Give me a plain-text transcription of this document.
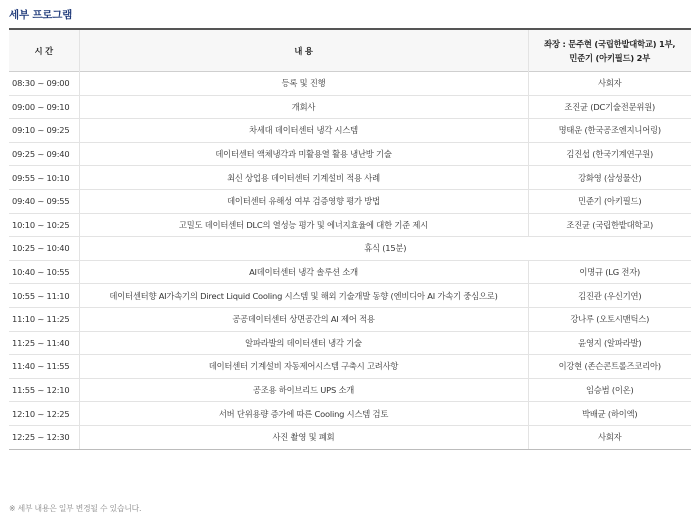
세부 프로그램
시 간	내 용	좌장 : 문주현 (국립한밭대학교) 1부,
민준기 (아키필드) 2부
08:30 ~ 09:00	등록 및 진행	사회자
09:00 ~ 09:10	개회사	조진균 (DC기술전문위원)
09:10 ~ 09:25	차세대 데이터센터 냉각 시스템	명태운 (한국공조엔지니어링)
09:25 ~ 09:40	데이터센터 액체냉각과 미활용열 활용 냉난방 기술	김진섭 (한국기계연구원)
09:55 ~ 10:10	최신 상업용 데이터센터 기계설비 적용 사례	강화영 (삼성물산)
09:40 ~ 09:55	데이터센터 유해성 여부 검증영향 평가 방법	민준기 (아키필드)
10:10 ~ 10:25	고밀도 데이터센터 DLC의 열성능 평가 및 에너지효율에 대한 기준 제시	조진균 (국립한밭대학교)
10:25 ~ 10:40	휴식 (15분)	
10:40 ~ 10:55	AI데이터센터 냉각 솔루션 소개	이명규 (LG 전자)
10:55 ~ 11:10	데이터센터향 AI가속기의 Direct Liquid Cooling 시스템 및 해외 기술개발 동향 (엔비디아 AI 가속기 중심으로)	김진관 (우신기연)
11:10 ~ 11:25	공공데이터센터 상면공간의 AI 제어 적용	강나루 (오토시맨틱스)
11:25 ~ 11:40	알파라발의 데이터센터 냉각 기술	윤영지 (알파라발)
11:40 ~ 11:55	데이터센터 기계설비 자동제어시스템 구축시 고려사항	이강현 (존슨콘트롤즈코리아)
11:55 ~ 12:10	공조용 하이브리드 UPS 소개	임승범 (이온)
12:10 ~ 12:25	서버 단위용량 증가에 따른 Cooling 시스템 검토	박배균 (하이엑)
12:25 ~ 12:30	사진 촬영 및 폐회	사회자

※ 세부 내용은 일부 변경될 수 있습니다.
